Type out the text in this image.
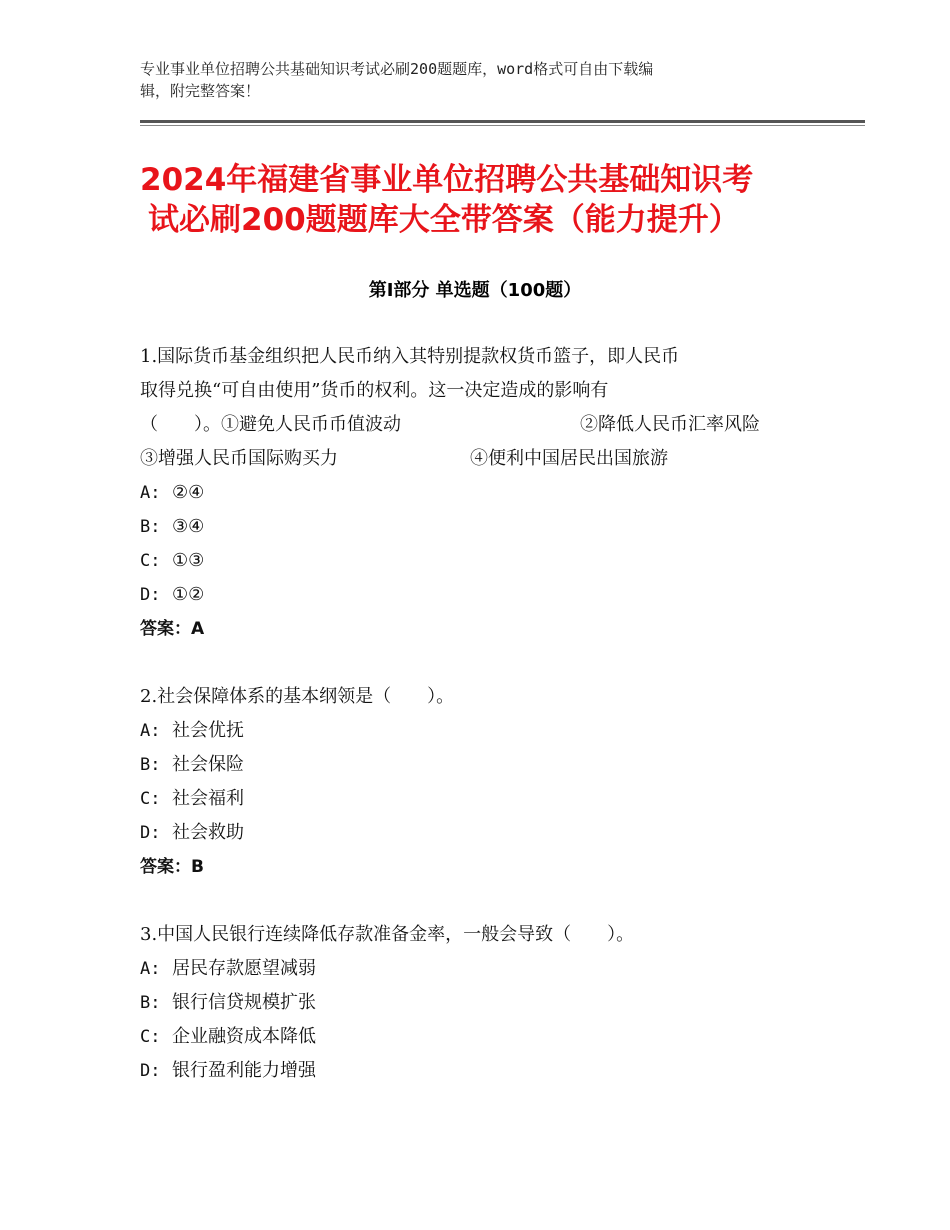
专业事业单位招聘公共基础知识考试必刷200题题库，word格式可自由下载编
辑，附完整答案！
2024年福建省事业单位招聘公共基础知识考
试必刷200题题库大全带答案（能力提升）
第Ⅰ部分 单选题（100题）
1.国际货币基金组织把人民币纳入其特别提款权货币篮子，即人民币
取得兑换“可自由使用”货币的权利。这一决定造成的影响有
（　　）。①避免人民币币值波动	②降低人民币汇率风险
③增强人民币国际购买力	④便利中国居民出国旅游
A: ②④
B: ③④
C: ①③
D: ①②
答案：A
2.社会保障体系的基本纲领是（　　）。
A: 社会优抚
B: 社会保险
C: 社会福利
D: 社会救助
答案：B
3.中国人民银行连续降低存款准备金率，一般会导致（　　）。
A: 居民存款愿望减弱
B: 银行信贷规模扩张
C: 企业融资成本降低
D: 银行盈利能力增强
